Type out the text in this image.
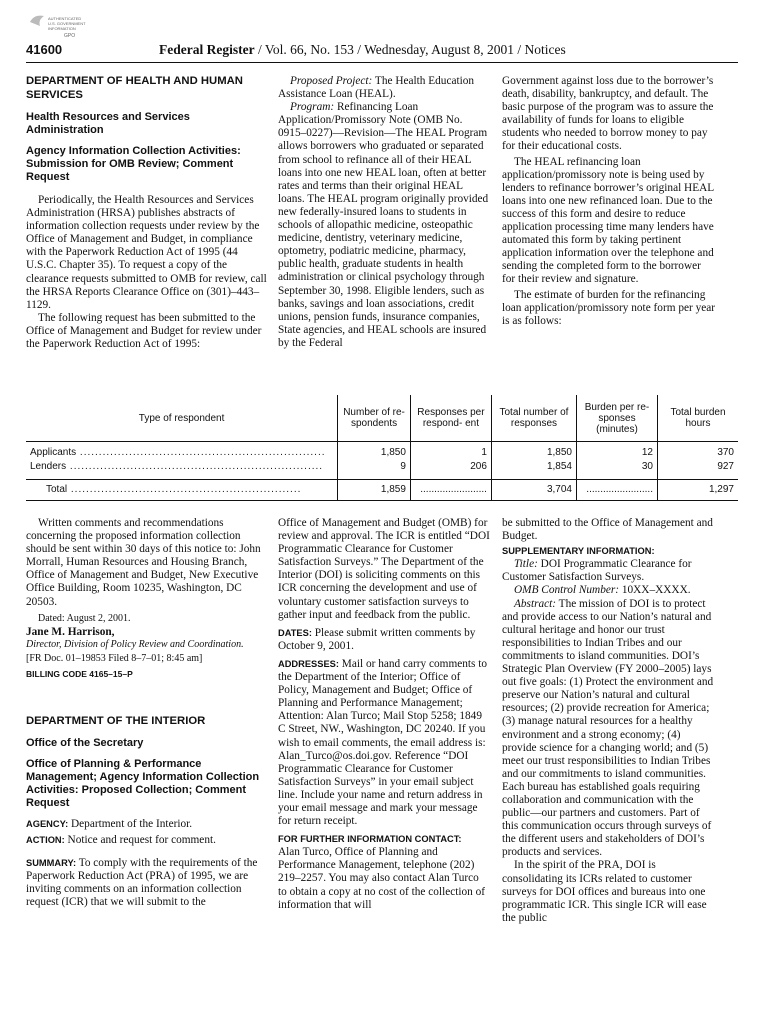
AUTHENTICATED
U.S. GOVERNMENT
INFORMATION
GPO
41600	Federal Register / Vol. 66, No. 153 / Wednesday, August 8, 2001 / Notices
DEPARTMENT OF HEALTH AND HUMAN SERVICES
Health Resources and Services Administration
Agency Information Collection Activities: Submission for OMB Review; Comment Request

Periodically, the Health Resources and Services Administration (HRSA) publishes abstracts of information collection requests under review by the Office of Management and Budget, in compliance with the Paperwork Reduction Act of 1995 (44 U.S.C. Chapter 35). To request a copy of the clearance requests submitted to OMB for review, call the HRSA Reports Clearance Office on (301)–443–1129.

The following request has been submitted to the Office of Management and Budget for review under the Paperwork Reduction Act of 1995:

Proposed Project: The Health Education Assistance Loan (HEAL).

Program: Refinancing Loan Application/Promissory Note (OMB No. 0915–0227)—Revision—The HEAL Program allows borrowers who graduated or separated from school to refinance all of their HEAL loans into one new HEAL loan, often at better rates and terms than their original HEAL loans. The HEAL program originally provided new federally-insured loans to students in schools of allopathic medicine, osteopathic medicine, dentistry, veterinary medicine, optometry, podiatric medicine, pharmacy, public health, graduate students in health administration or clinical psychology through September 30, 1998. Eligible lenders, such as banks, savings and loan associations, credit unions, pension funds, insurance companies, State agencies, and HEAL schools are insured by the Federal

Government against loss due to the borrower’s death, disability, bankruptcy, and default. The basic purpose of the program was to assure the availability of funds for loans to eligible students who needed to borrow money to pay for their educational costs.

The HEAL refinancing loan application/promissory note is being used by lenders to refinance borrower’s original HEAL loans into one new refinanced loan. Due to the success of this form and desire to reduce application processing time many lenders have automated this form by taking pertinent application information over the telephone and sending the completed form to the borrower for their review and signature.

The estimate of burden for the refinancing loan application/promissory note form per year is as follows:

Type of respondent	Number of re- spondents	Responses per respond- ent	Total number of responses	Burden per re- sponses (minutes)	Total burden hours
Applicants .................................................................	1,850	1	1,850	12	370
Lenders ...................................................................	9	206	1,854	30	927
Total .............................................................	1,859	........................	3,704	........................	1,297

Written comments and recommendations concerning the proposed information collection should be sent within 30 days of this notice to: John Morrall, Human Resources and Housing Branch, Office of Management and Budget, New Executive Office Building, Room 10235, Washington, DC 20503.

Dated: August 2, 2001.

Jane M. Harrison,

Director, Division of Policy Review and Coordination.

[FR Doc. 01–19853 Filed 8–7–01; 8:45 am]

BILLING CODE 4165–15–P

DEPARTMENT OF THE INTERIOR
Office of the Secretary
Office of Planning & Performance Management; Agency Information Collection Activities: Proposed Collection; Comment Request

AGENCY: Department of the Interior.

ACTION: Notice and request for comment.

SUMMARY: To comply with the requirements of the Paperwork Reduction Act (PRA) of 1995, we are inviting comments on an information collection request (ICR) that we will submit to the

Office of Management and Budget (OMB) for review and approval. The ICR is entitled “DOI Programmatic Clearance for Customer Satisfaction Surveys.” The Department of the Interior (DOI) is soliciting comments on this ICR concerning the development and use of voluntary customer satisfaction surveys to gather input and feedback from the public.

DATES: Please submit written comments by October 9, 2001.

ADDRESSES: Mail or hand carry comments to the Department of the Interior; Office of Policy, Management and Budget; Office of Planning and Performance Management; Attention: Alan Turco; Mail Stop 5258; 1849 C Street, NW., Washington, DC 20240. If you wish to email comments, the email address is: Alan_Turco@os.doi.gov. Reference “DOI Programmatic Clearance for Customer Satisfaction Surveys” in your email subject line. Include your name and return address in your email message and mark your message for return receipt.

FOR FURTHER INFORMATION CONTACT:

Alan Turco, Office of Planning and Performance Management, telephone (202) 219–2257. You may also contact Alan Turco to obtain a copy at no cost of the collection of information that will

be submitted to the Office of Management and Budget.

SUPPLEMENTARY INFORMATION:

Title: DOI Programmatic Clearance for Customer Satisfaction Surveys.

OMB Control Number: 10XX–XXXX.

Abstract: The mission of DOI is to protect and provide access to our Nation’s natural and cultural heritage and honor our trust responsibilities to Indian Tribes and our commitments to island communities. DOI’s Strategic Plan Overview (FY 2000–2005) lays out five goals: (1) Protect the environment and preserve our Nation’s natural and cultural resources; (2) provide recreation for America; (3) manage natural resources for a healthy environment and a strong economy; (4) provide science for a changing world; and (5) meet our trust responsibilities to Indian Tribes and our commitments to island communities. Each bureau has established goals requiring collaboration and communication with the public—our partners and customers. Part of this communication occurs through surveys of the different users and stakeholders of DOI’s products and services.

In the spirit of the PRA, DOI is consolidating its ICRs related to customer surveys for DOI offices and bureaus into one programmatic ICR. This single ICR will ease the public
